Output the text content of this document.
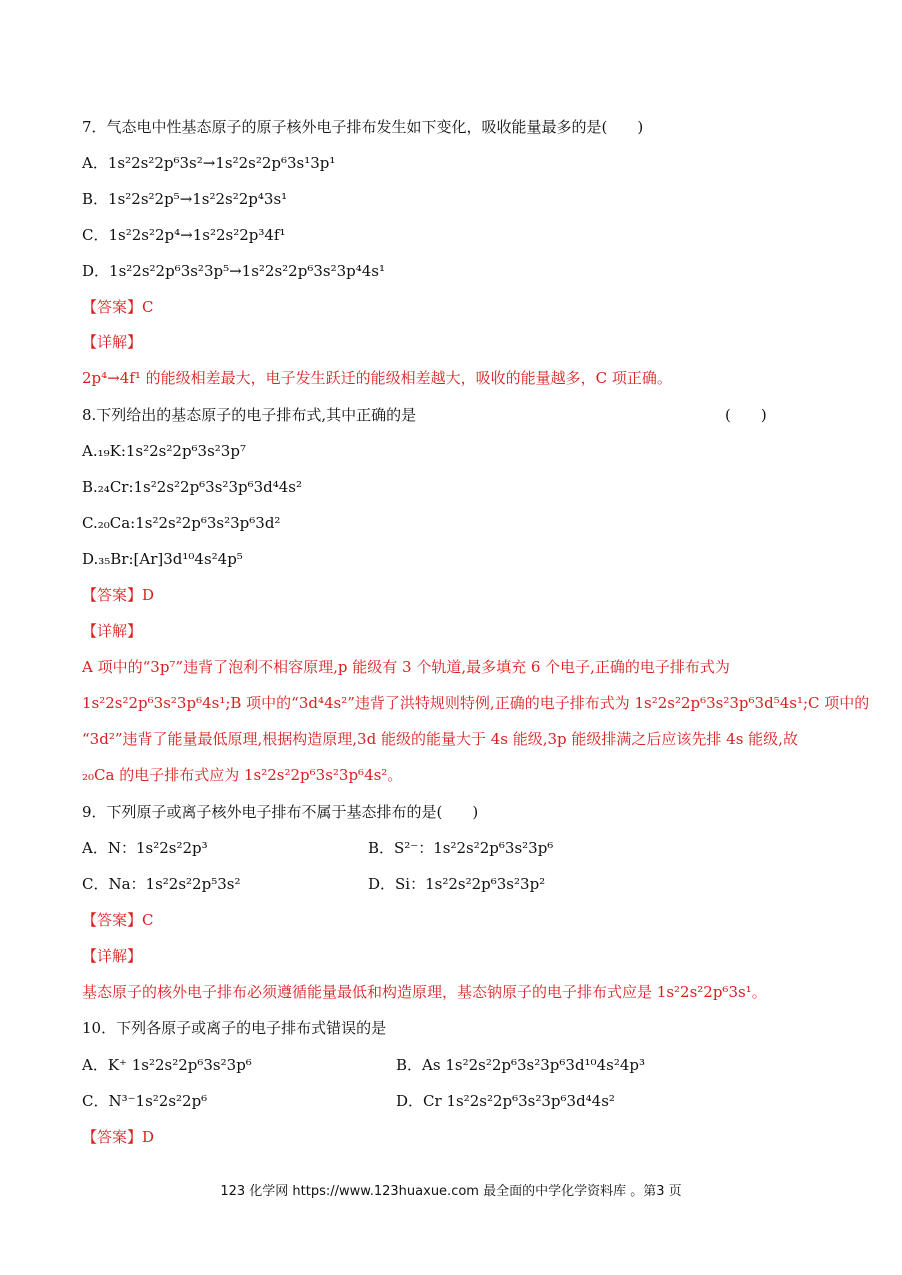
7．气态电中性基态原子的原子核外电子排布发生如下变化，吸收能量最多的是(　　)
A．1s²2s²2p⁶3s²→1s²2s²2p⁶3s¹3p¹
B．1s²2s²2p⁵→1s²2s²2p⁴3s¹
C．1s²2s²2p⁴→1s²2s²2p³4f¹
D．1s²2s²2p⁶3s²3p⁵→1s²2s²2p⁶3s²3p⁴4s¹
【答案】C
【详解】
2p⁴→4f¹ 的能级相差最大，电子发生跃迁的能级相差越大，吸收的能量越多，C 项正确。
8.下列给出的基态原子的电子排布式,其中正确的是	(　　)
A.₁₉K:1s²2s²2p⁶3s²3p⁷
B.₂₄Cr:1s²2s²2p⁶3s²3p⁶3d⁴4s²
C.₂₀Ca:1s²2s²2p⁶3s²3p⁶3d²
D.₃₅Br:[Ar]3d¹⁰4s²4p⁵
【答案】D
【详解】
A 项中的“3p⁷”违背了泡利不相容原理,p 能级有 3 个轨道,最多填充 6 个电子,正确的电子排布式为
1s²2s²2p⁶3s²3p⁶4s¹;B 项中的“3d⁴4s²”违背了洪特规则特例,正确的电子排布式为 1s²2s²2p⁶3s²3p⁶3d⁵4s¹;C 项中的
“3d²”违背了能量最低原理,根据构造原理,3d 能级的能量大于 4s 能级,3p 能级排满之后应该先排 4s 能级,故
₂₀Ca 的电子排布式应为 1s²2s²2p⁶3s²3p⁶4s²。
9．下列原子或离子核外电子排布不属于基态排布的是(　　)
A．N：1s²2s²2p³	B．S²⁻：1s²2s²2p⁶3s²3p⁶
C．Na：1s²2s²2p⁵3s²	D．Si：1s²2s²2p⁶3s²3p²
【答案】C
【详解】
基态原子的核外电子排布必须遵循能量最低和构造原理，基态钠原子的电子排布式应是 1s²2s²2p⁶3s¹。
10．下列各原子或离子的电子排布式错误的是
A．K⁺ 1s²2s²2p⁶3s²3p⁶	B．As 1s²2s²2p⁶3s²3p⁶3d¹⁰4s²4p³
C．N³⁻1s²2s²2p⁶	D．Cr 1s²2s²2p⁶3s²3p⁶3d⁴4s²
【答案】D
123 化学网 https://www.123huaxue.com 最全面的中学化学资料库 。第3 页
